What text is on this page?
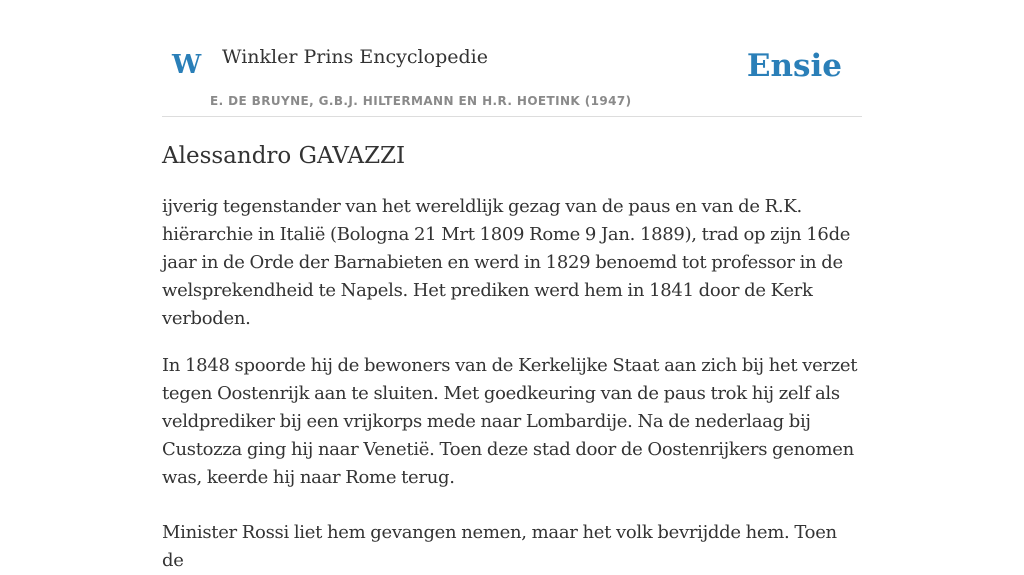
W Winkler Prins Encyclopedie
E. DE BRUYNE, G.B.J. HILTERMANN EN H.R. HOETINK (1947)
Ensie
Alessandro GAVAZZI

ijverig tegenstander van het wereldlijk gezag van de paus en van de R.K. hiërarchie in Italië (Bologna 21 Mrt 1809 Rome 9 Jan. 1889), trad op zijn 16de jaar in de Orde der Barnabieten en werd in 1829 benoemd tot professor in de welsprekendheid te Napels. Het prediken werd hem in 1841 door de Kerk verboden.

In 1848 spoorde hij de bewoners van de Kerkelijke Staat aan zich bij het verzet tegen Oostenrijk aan te sluiten. Met goedkeuring van de paus trok hij zelf als veldprediker bij een vrijkorps mede naar Lombardije. Na de nederlaag bij Custozza ging hij naar Venetië. Toen deze stad door de Oostenrijkers genomen was, keerde hij naar Rome terug.

Minister Rossi liet hem gevangen nemen, maar het volk bevrijdde hem. Toen de
